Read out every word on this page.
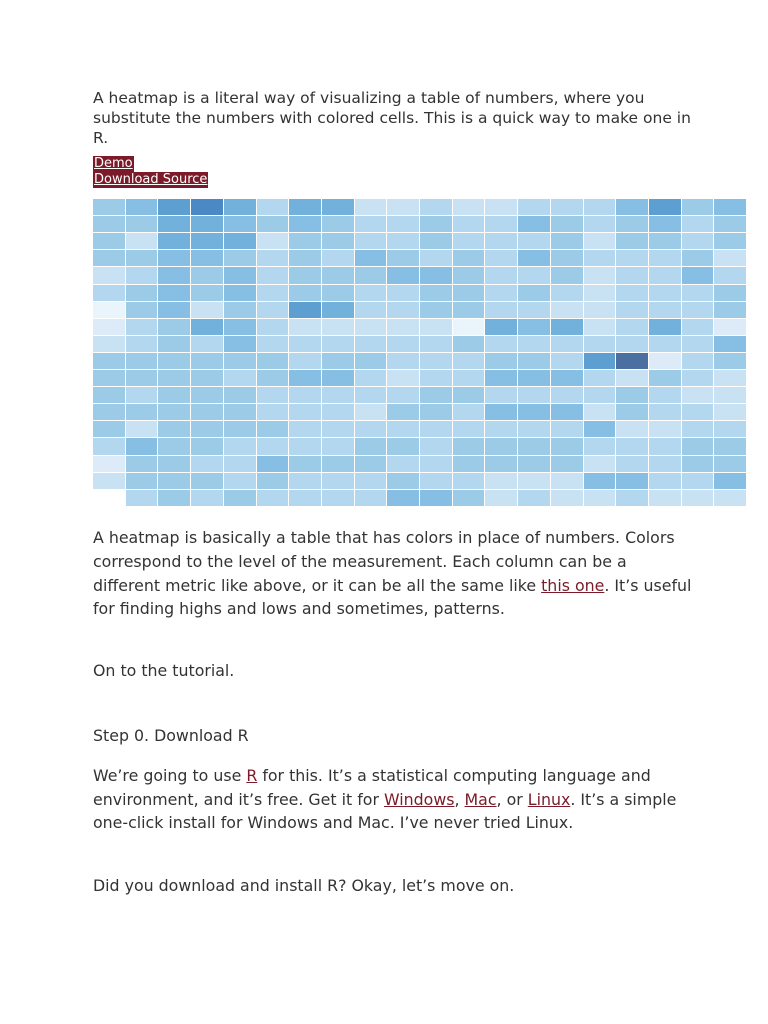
A heatmap is a literal way of visualizing a table of numbers, where you substitute the numbers with colored cells. This is a quick way to make one in R.

Demo
Download Source

A heatmap is basically a table that has colors in place of numbers. Colors correspond to the level of the measurement. Each column can be a different metric like above, or it can be all the same like this one. It’s useful for finding highs and lows and sometimes, patterns.

On to the tutorial.

Step 0. Download R

We’re going to use R for this. It’s a statistical computing language and environment, and it’s free. Get it for Windows, Mac, or Linux. It’s a simple one-click install for Windows and Mac. I’ve never tried Linux.

Did you download and install R? Okay, let’s move on.
